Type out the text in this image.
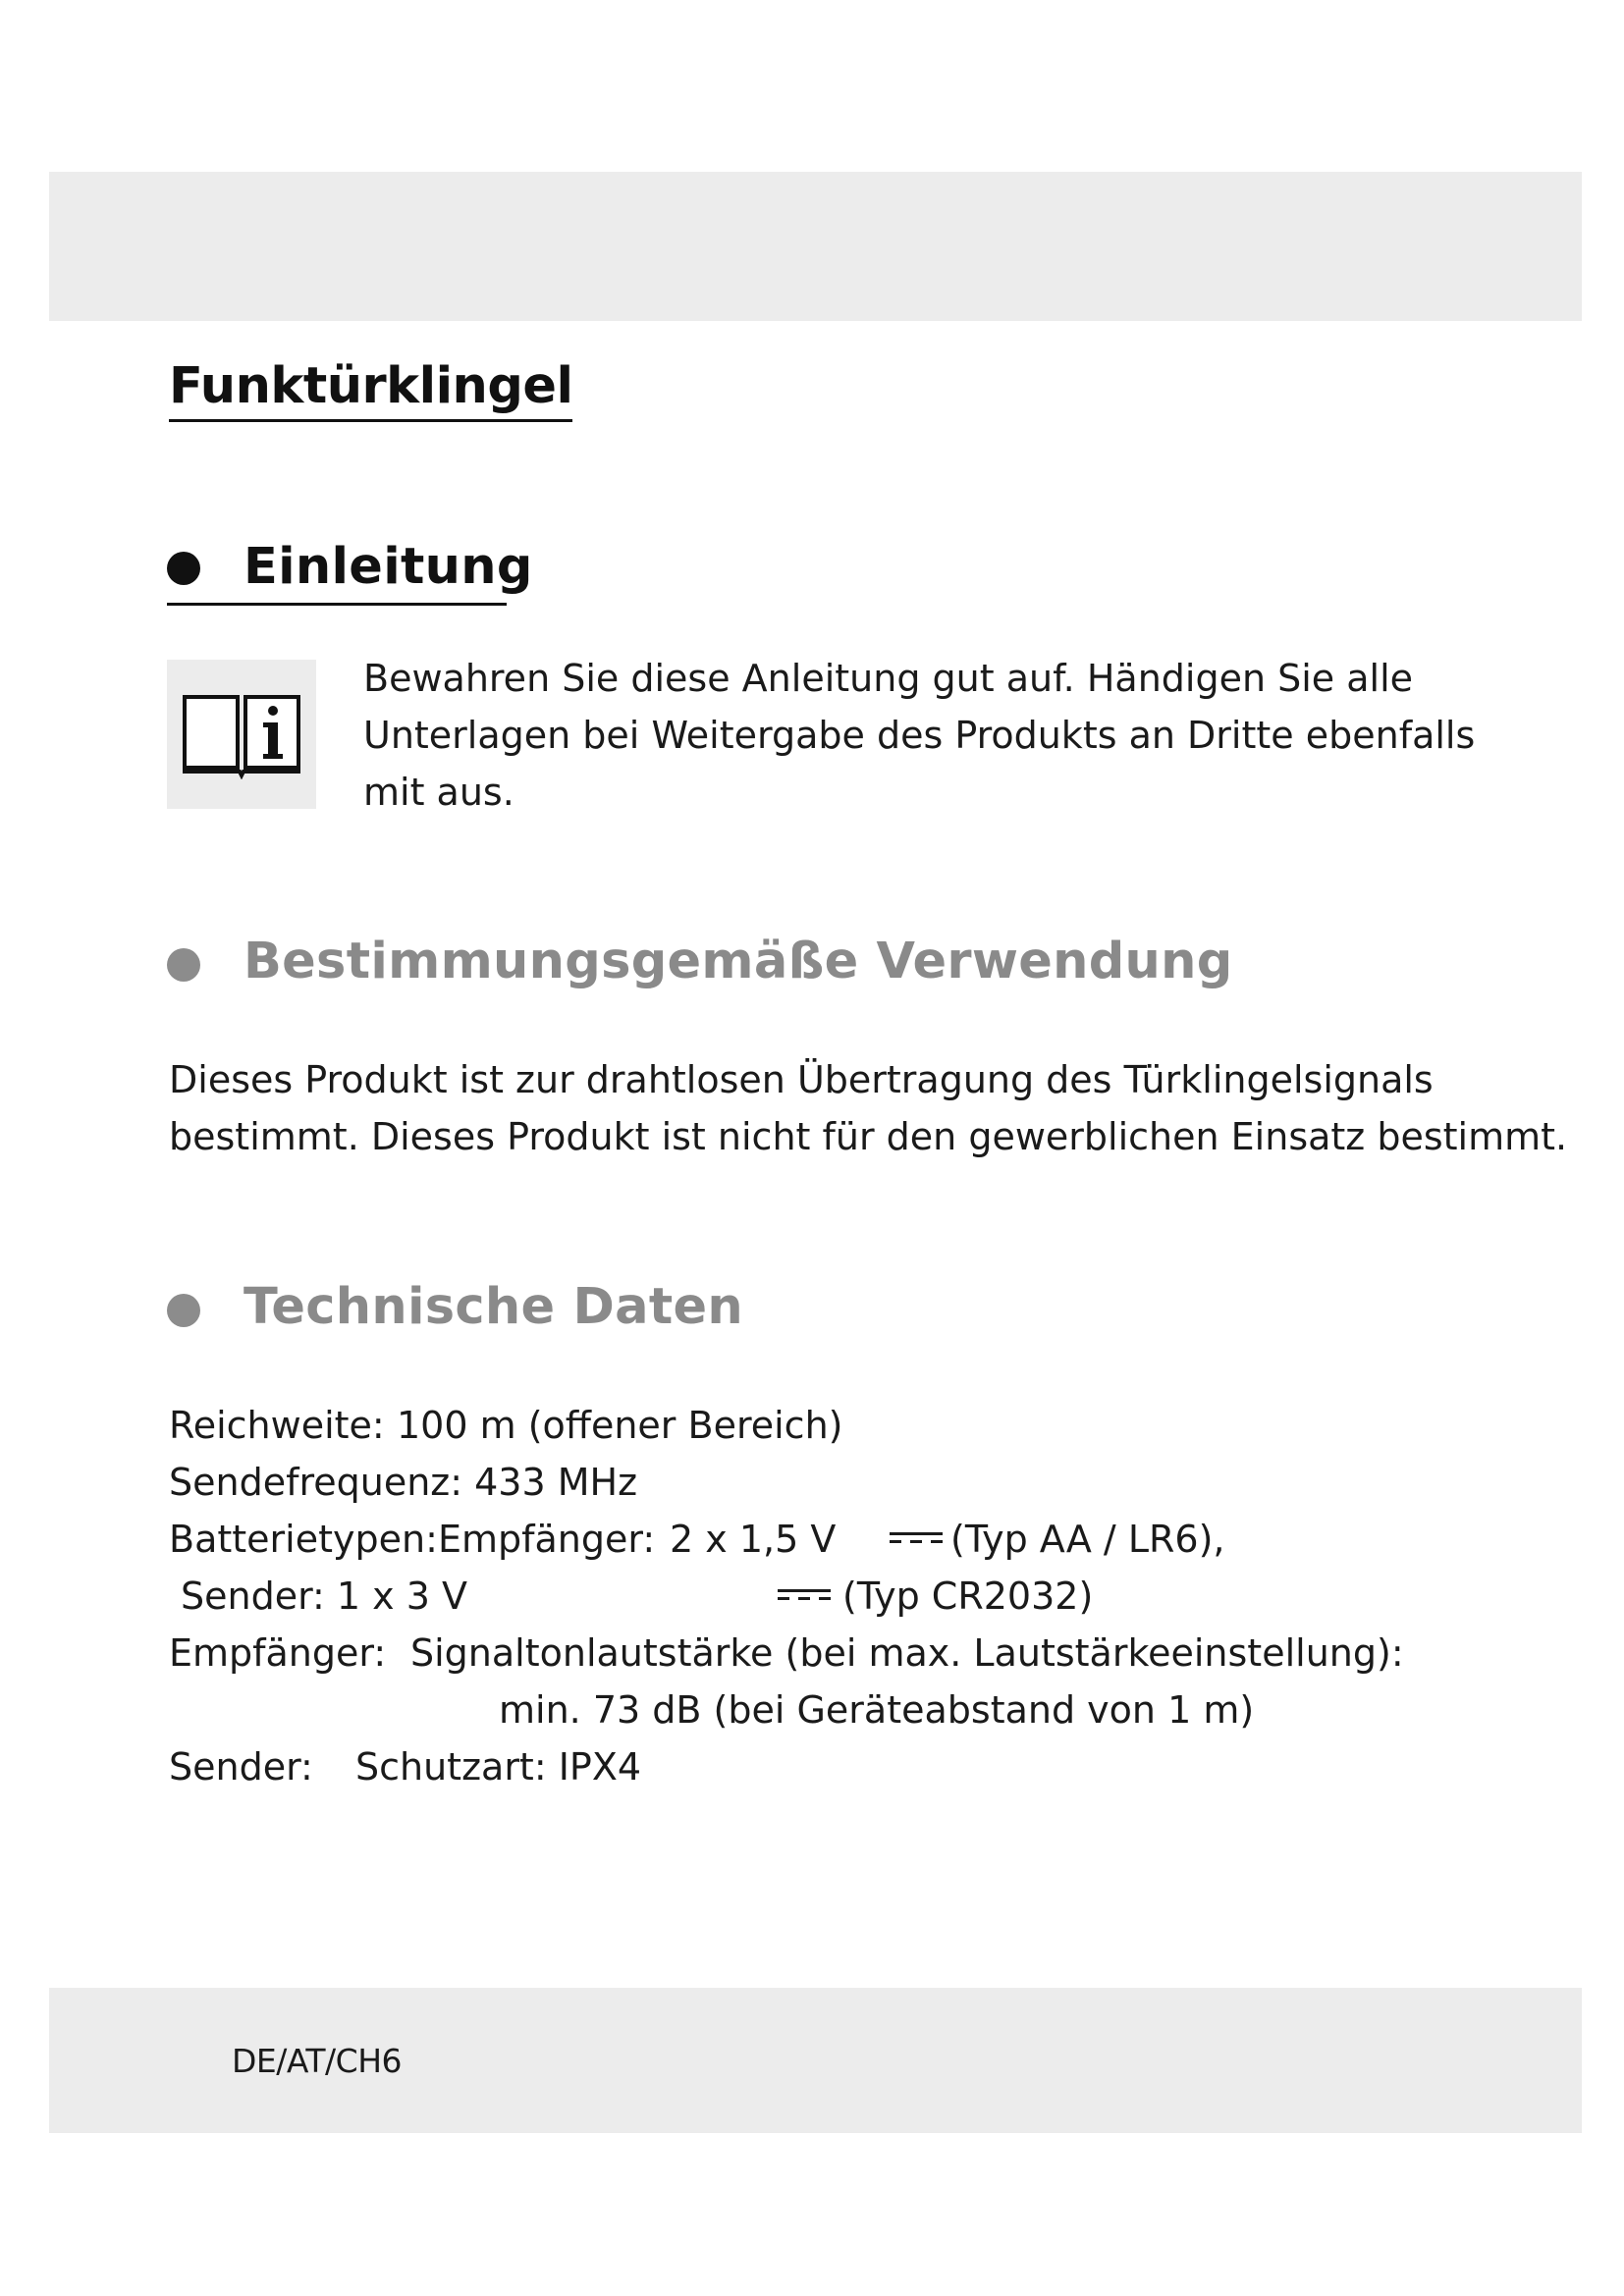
Funktürklingel
Einleitung
Bewahren Sie diese Anleitung gut auf. Händigen Sie alle
Unterlagen bei Weitergabe des Produkts an Dritte ebenfalls
mit aus.
Bestimmungsgemäße Verwendung
Dieses Produkt ist zur drahtlosen Übertragung des Türklingelsignals
bestimmt. Dieses Produkt ist nicht für den gewerblichen Einsatz bestimmt.
Technische Daten
Reichweite: 100 m (offener Bereich)
Sendefrequenz: 433 MHz
Batterietypen: Empfänger: 2 x 1,5 V	(Typ AA / LR6),
Sender: 1 x 3 V	(Typ CR2032)
Empfänger: Signaltonlautstärke (bei max. Lautstärkeeinstellung):
min. 73 dB (bei Geräteabstand von 1 m)
Sender: Schutzart: IPX4
DE/AT/CH6
